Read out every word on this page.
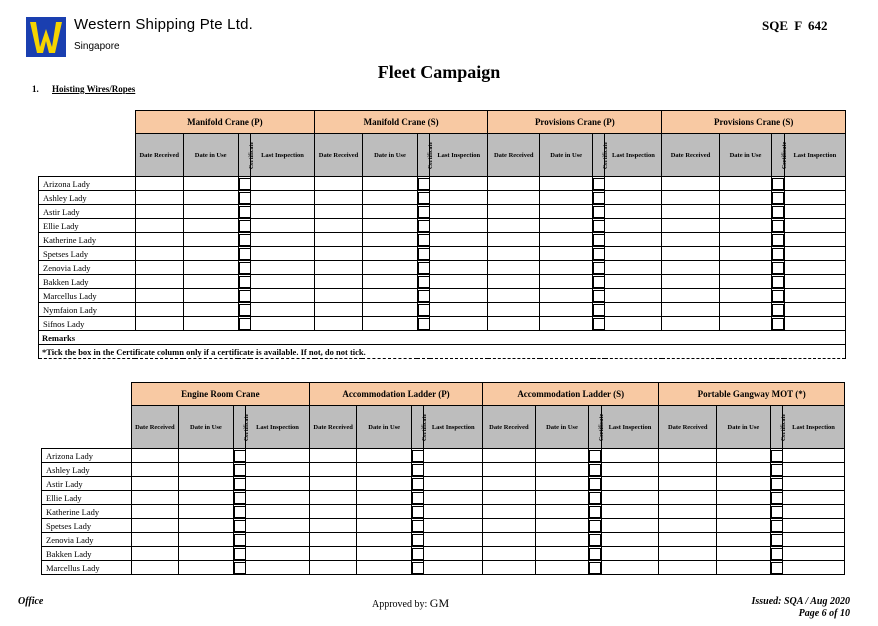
Western Shipping Pte Ltd.
Singapore
SQE F 642
Fleet Campaign
1. Hoisting Wires/Ropes
	Manifold Crane (P)				Manifold Crane (S)				Provisions Crane (P)				Provisions Crane (S)			
	Date Received	Date in Use	Certificate	Last Inspection	Date Received	Date in Use	Certificate	Last Inspection	Date Received	Date in Use	Certificate	Last Inspection	Date Received	Date in Use	Certificate	Last Inspection
Arizona Lady																
Ashley Lady																
Astir Lady																
Ellie Lady																
Katherine Lady																
Spetses Lady																
Zenovia Lady																
Bakken Lady																
Marcellus Lady																
Nymfaion Lady																
Sifnos Lady																
Remarks																
*Tick the box in the Certificate column only if a certificate is available. If not, do not tick.																
	Engine Room Crane				Accommodation Ladder (P)				Accommodation Ladder (S)				Portable Gangway MOT (*)			
	Date Received	Date in Use	Certificate	Last Inspection	Date Received	Date in Use	Certificate	Last Inspection	Date Received	Date in Use	Certificate	Last Inspection	Date Received	Date in Use	Certificate	Last Inspection
Arizona Lady																
Ashley Lady																
Astir Lady																
Ellie Lady																
Katherine Lady																
Spetses Lady																
Zenovia Lady																
Bakken Lady																
Marcellus Lady																
Office	Approved by: GM	Issued: SQA / Aug 2020
Page 6 of 10
